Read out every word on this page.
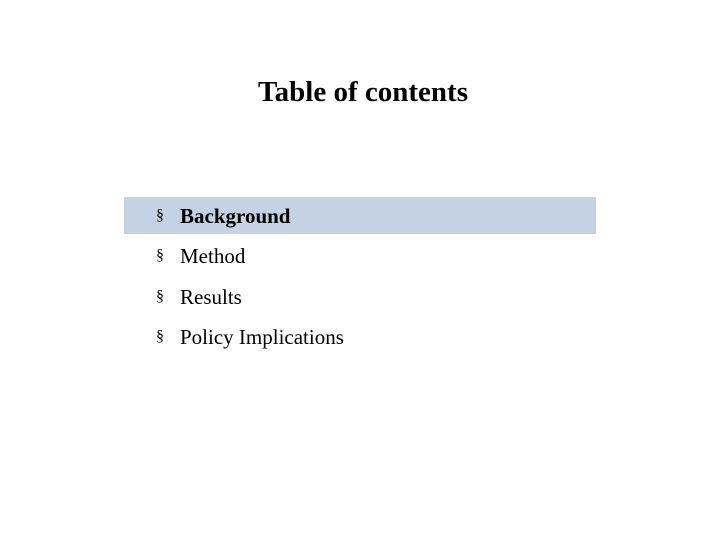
Table of contents
§ Background
§ Method
§ Results
§ Policy Implications
